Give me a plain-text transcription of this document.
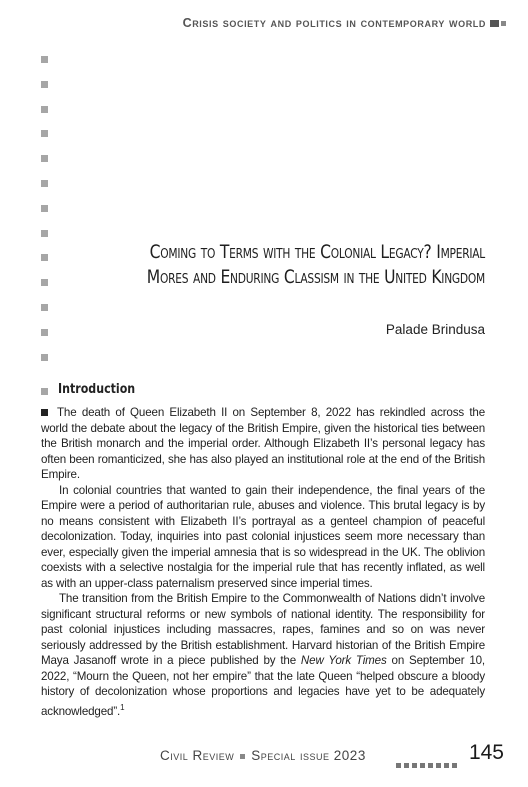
Crisis society and politics in contemporary world
Coming to Terms with the Colonial Legacy? Imperial
Mores and Enduring Classism in the United Kingdom
Palade Brindusa
Introduction

The death of Queen Elizabeth II on September 8, 2022 has rekindled across the world the debate about the legacy of the British Empire, given the historical ties between the British monarch and the imperial order. Although Elizabeth II’s personal legacy has often been romanticized, she has also played an institutional role at the end of the British Empire.

In colonial countries that wanted to gain their independence, the final years of the Empire were a period of authoritarian rule, abuses and violence. This brutal legacy is by no means consistent with Elizabeth II’s portrayal as a genteel champion of peaceful decolonization. Today, inquiries into past colonial injustices seem more necessary than ever, especially given the imperial amnesia that is so widespread in the UK. The oblivion coexists with a selective nostalgia for the imperial rule that has recently inflated, as well as with an upper-class paternalism preserved since imperial times.

The transition from the British Empire to the Commonwealth of Nations didn’t involve significant structural reforms or new symbols of national identity. The responsibility for past colonial injustices including massacres, rapes, famines and so on was never seriously addressed by the British establishment. Harvard historian of the British Empire Maya Jasanoff wrote in a piece published by the New York Times on September 10, 2022, “Mourn the Queen, not her empire” that the late Queen “helped obscure a bloody history of decolonization whose proportions and legacies have yet to be adequately acknowledged”.$^1$

Civil Review Special issue 2023	145
